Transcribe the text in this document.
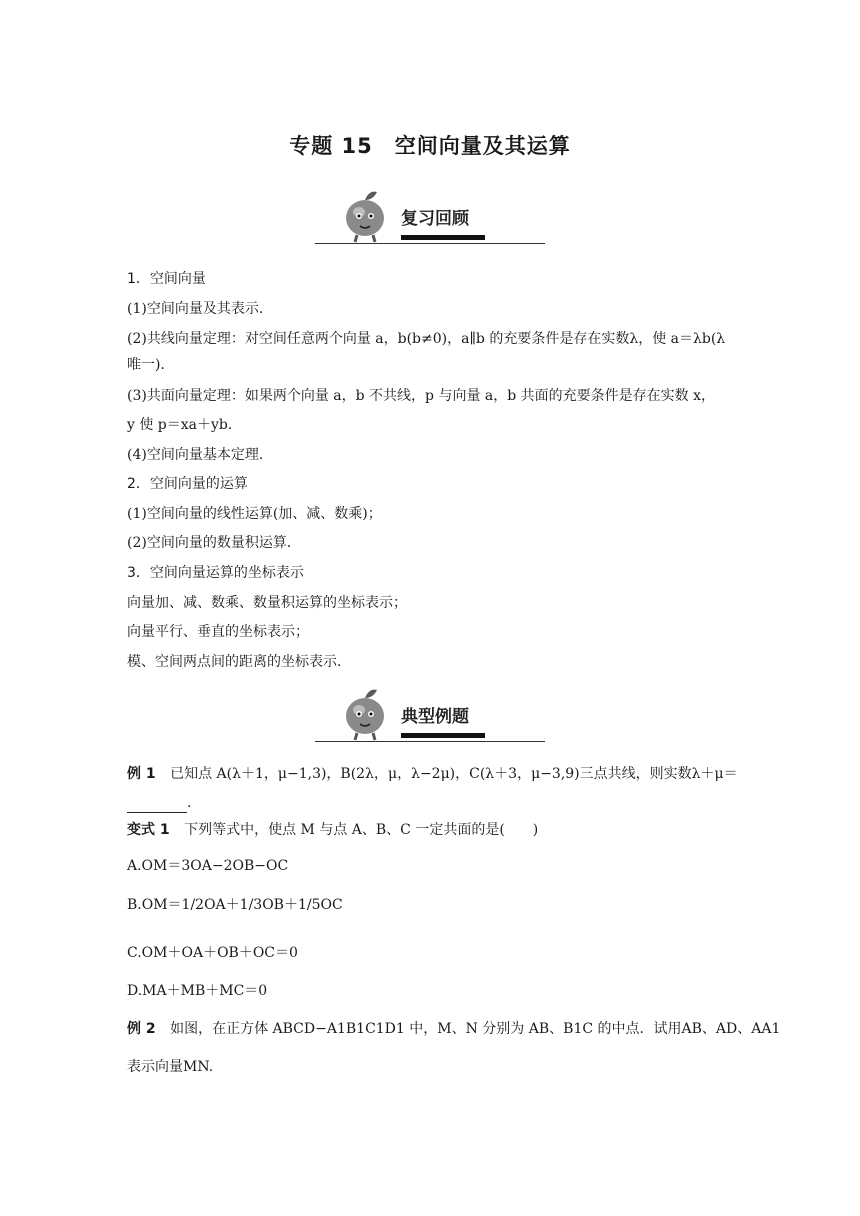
专题 15　空间向量及其运算
复习回顾
1．空间向量
(1)空间向量及其表示．
(2)共线向量定理：对空间任意两个向量 a，b(b≠0)，a∥b 的充要条件是存在实数λ，使 a＝λb(λ
唯一)．
(3)共面向量定理：如果两个向量 a，b 不共线，p 与向量 a，b 共面的充要条件是存在实数 x，
y 使 p＝xa＋yb.
(4)空间向量基本定理．
2．空间向量的运算
(1)空间向量的线性运算(加、减、数乘)；
(2)空间向量的数量积运算．
3．空间向量运算的坐标表示
向量加、减、数乘、数量积运算的坐标表示；
向量平行、垂直的坐标表示；
模、空间两点间的距离的坐标表示．
典型例题
例 1 已知点 A(λ＋1，μ−1,3)，B(2λ，μ，λ−2μ)，C(λ＋3，μ−3,9)三点共线，则实数λ＋μ＝
.
变式 1 下列等式中，使点 M 与点 A、B、C 一定共面的是(　　)
A.OM＝3OA−2OB−OC
B.OM＝1/2OA＋1/3OB＋1/5OC
C.OM＋OA＋OB＋OC＝0
D.MA＋MB＋MC＝0
例 2 如图，在正方体 ABCD−A1B1C1D1 中，M、N 分别为 AB、B1C 的中点．试用AB、AD、AA1
表示向量MN.
